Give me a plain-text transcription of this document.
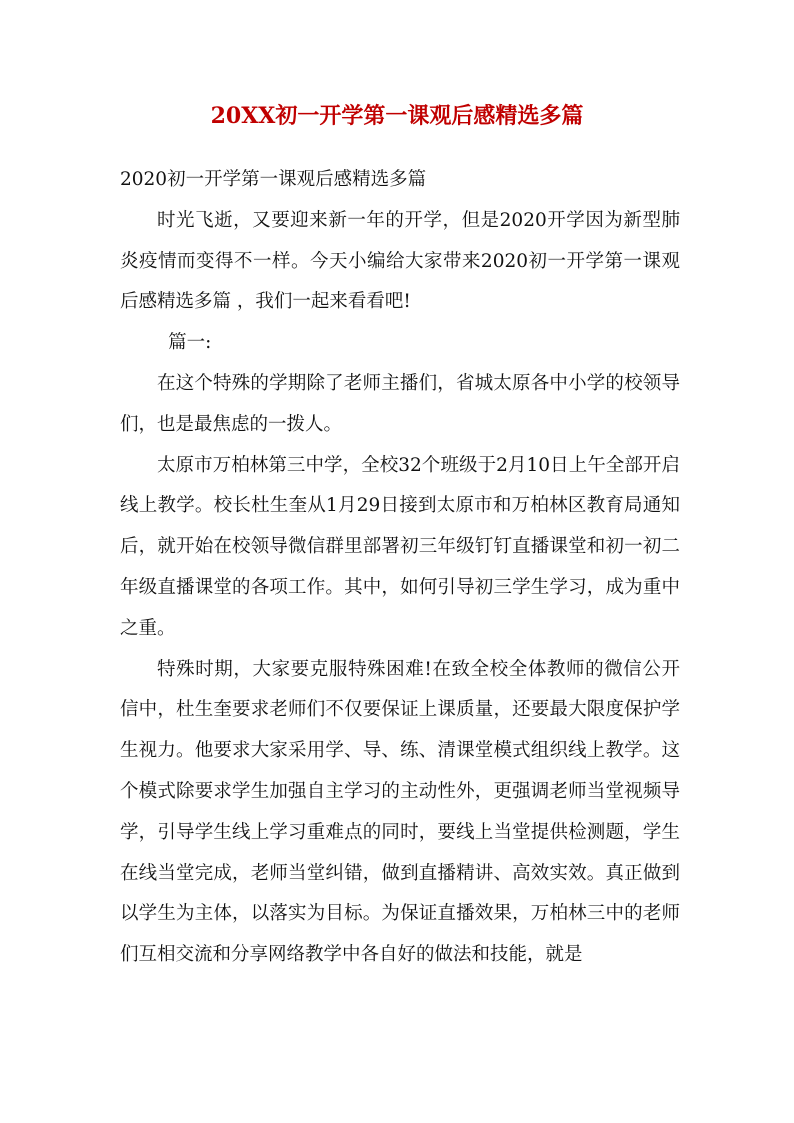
20XX初一开学第一课观后感精选多篇

2020初一开学第一课观后感精选多篇

时光飞逝，又要迎来新一年的开学，但是2020开学因为新型肺炎疫情而变得不一样。今天小编给大家带来2020初一开学第一课观后感精选多篇 ，我们一起来看看吧!

篇一:

在这个特殊的学期除了老师主播们，省城太原各中小学的校领导们，也是最焦虑的一拨人。

太原市万柏林第三中学，全校32个班级于2月10日上午全部开启线上教学。校长杜生奎从1月29日接到太原市和万柏林区教育局通知后，就开始在校领导微信群里部署初三年级钉钉直播课堂和初一初二年级直播课堂的各项工作。其中，如何引导初三学生学习，成为重中之重。

特殊时期，大家要克服特殊困难!在致全校全体教师的微信公开信中，杜生奎要求老师们不仅要保证上课质量，还要最大限度保护学生视力。他要求大家采用学、导、练、清课堂模式组织线上教学。这个模式除要求学生加强自主学习的主动性外，更强调老师当堂视频导学，引导学生线上学习重难点的同时，要线上当堂提供检测题，学生在线当堂完成，老师当堂纠错，做到直播精讲、高效实效。真正做到以学生为主体，以落实为目标。为保证直播效果，万柏林三中的老师们互相交流和分享网络教学中各自好的做法和技能，就是
